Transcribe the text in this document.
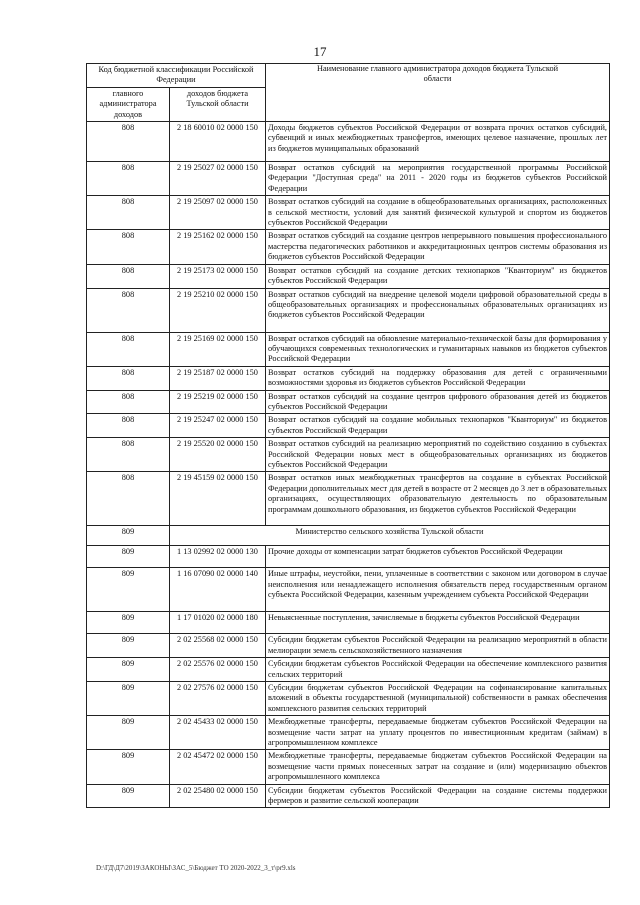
17
Код бюджетной классификации Российской Федерации		Наименование главного администратора доходов бюджета Тульской области
главного администратора доходов	доходов бюджета Тульской области	
808	2 18 60010 02 0000 150	Доходы бюджетов субъектов Российской Федерации от возврата прочих остатков субсидий, субвенций и иных межбюджетных трансфертов, имеющих целевое назначение, прошлых лет из бюджетов муниципальных образований
808	2 19 25027 02 0000 150	Возврат остатков субсидий на мероприятия государственной программы Российской Федерации "Доступная среда" на 2011 - 2020 годы из бюджетов субъектов Российской Федерации
808	2 19 25097 02 0000 150	Возврат остатков субсидий на создание в общеобразовательных организациях, расположенных в сельской местности, условий для занятий физической культурой и спортом из бюджетов субъектов Российской Федерации
808	2 19 25162 02 0000 150	Возврат остатков субсидий на создание центров непрерывного повышения профессионального мастерства педагогических работников и аккредитационных центров системы образования из бюджетов субъектов Российской Федерации
808	2 19 25173 02 0000 150	Возврат остатков субсидий на создание детских технопарков "Кванториум" из бюджетов субъектов Российской Федерации
808	2 19 25210 02 0000 150	Возврат остатков субсидий на внедрение целевой модели цифровой образовательной среды в общеобразовательных организациях и профессиональных образовательных организациях из бюджетов субъектов Российской Федерации
808	2 19 25169 02 0000 150	Возврат остатков субсидий на обновление материально-технической базы для формирования у обучающихся современных технологических и гуманитарных навыков из бюджетов субъектов Российской Федерации
808	2 19 25187 02 0000 150	Возврат остатков субсидий на поддержку образования для детей с ограниченными возможностями здоровья из бюджетов субъектов Российской Федерации
808	2 19 25219 02 0000 150	Возврат остатков субсидий на создание центров цифрового образования детей из бюджетов субъектов Российской Федерации
808	2 19 25247 02 0000 150	Возврат остатков субсидий на создание мобильных технопарков "Кванториум" из бюджетов субъектов Российской Федерации
808	2 19 25520 02 0000 150	Возврат остатков субсидий на реализацию мероприятий по содействию созданию в субъектах Российской Федерации новых мест в общеобразовательных организациях из бюджетов субъектов Российской Федерации
808	2 19 45159 02 0000 150	Возврат остатков иных межбюджетных трансфертов на создание в субъектах Российской Федерации дополнительных мест для детей в возрасте от 2 месяцев до 3 лет в образовательных организациях, осуществляющих образовательную деятельность по образовательным программам дошкольного образования, из бюджетов субъектов Российской Федерации
809	Министерство сельского хозяйства Тульской области	
809	1 13 02992 02 0000 130	Прочие доходы от компенсации затрат бюджетов субъектов Российской Федерации
809	1 16 07090 02 0000 140	Иные штрафы, неустойки, пени, уплаченные в соответствии с законом или договором в случае неисполнения или ненадлежащего исполнения обязательств перед государственным органом субъекта Российской Федерации, казенным учреждением субъекта Российской Федерации
809	1 17 01020 02 0000 180	Невыясненные поступления, зачисляемые в бюджеты субъектов Российской Федерации
809	2 02 25568 02 0000 150	Субсидии бюджетам субъектов Российской Федерации на реализацию мероприятий в области мелиорации земель сельскохозяйственного назначения
809	2 02 25576 02 0000 150	Субсидии бюджетам субъектов Российской Федерации на обеспечение комплексного развития сельских территорий
809	2 02 27576 02 0000 150	Субсидии бюджетам субъектов Российской Федерации на софинансирование капитальных вложений в объекты государственной (муниципальной) собственности в рамках обеспечения комплексного развития сельских территорий
809	2 02 45433 02 0000 150	Межбюджетные трансферты, передаваемые бюджетам субъектов Российской Федерации на возмещение части затрат на уплату процентов по инвестиционным кредитам (займам) в агропромышленном комплексе
809	2 02 45472 02 0000 150	Межбюджетные трансферты, передаваемые бюджетам субъектов Российской Федерации на возмещение части прямых понесенных затрат на создание и (или) модернизацию объектов агропромышленного комплекса
809	2 02 25480 02 0000 150	Субсидии бюджетам субъектов Российской Федерации на создание системы поддержки фермеров и развитие сельской кооперации
D:\ГД\Д7\2019\ЗАКОНЫ\ЗАС_5\Бюджет ТО 2020-2022_3_т\pr9.xls
